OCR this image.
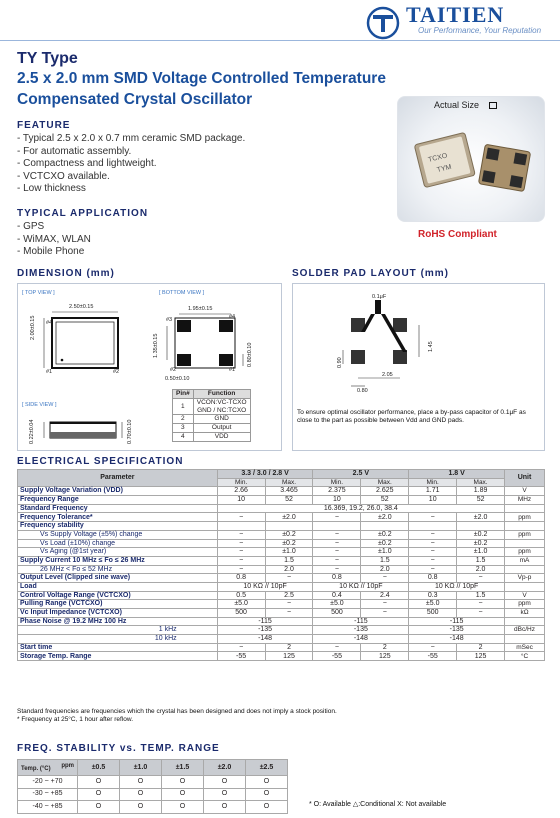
TAITIEN
Our Performance, Your Reputation
TY Type
2.5 x 2.0 mm SMD Voltage Controlled Temperature
Compensated Crystal Oscillator
FEATURE
- Typical 2.5 x 2.0 x 0.7 mm ceramic SMD package.
- For automatic assembly.
- Compactness and lightweight.
- VCTCXO available.
- Low thickness
TYPICAL APPLICATION
- GPS
- WiMAX, WLAN
- Mobile Phone
Actual Size
TCXO
TYM
RoHS Compliant
DIMENSION (mm)
[ TOP VIEW ]	[ BOTTOM VIEW ]
[ SIDE VIEW ]
2.50±0.15
2.00±0.15 #4
#1	#2
1.95±0.15
1.35±0.15	0.80±0.10
#3	#4
#2	#1
0.50±0.10
0.22±0.04	0.70±0.10
Pin#	Function
1	VCON:VC-TCXO
GND / NC:TCXO
2	GND
3	Output
4	VDD
SOLDER PAD LAYOUT (mm)
0.1μF
1.45
0.90
2.05
0.80
To ensure optimal oscillator performance, place a by-pass capacitor of 0.1μF as close to the part as possible between Vdd and GND pads.
ELECTRICAL SPECIFICATION
Parameter	3.3 / 3.0 / 2.8 V		2.5 V		1.8 V		Unit
	Min.	Max.	Min.	Max.	Min.	Max.	
Supply Voltage Variation (VDD)	2.66	3.465	2.375	2.625	1.71	1.89	V
Frequency Range	10	52	10	52	10	52	MHz
Standard Frequency	16.369, 19.2, 26.0, 38.4						
Frequency Tolerance*	−	±2.0	−	±2.0	−	±2.0	ppm
Frequency stability							
Vs Supply Voltage (±5%) change	−	±0.2	−	±0.2	−	±0.2	ppm
Vs Load (±10%) change	−	±0.2	−	±0.2	−	±0.2	
Vs Aging (@1st year)	−	±1.0	−	±1.0	−	±1.0	ppm
Supply Current 10 MHz ≤ Fo ≤ 26 MHz	−	1.5	−	1.5	−	1.5	mA
26 MHz < Fo ≤ 52 MHz	−	2.0	−	2.0	−	2.0	
Output Level (Clipped sine wave)	0.8	−	0.8	−	0.8	−	Vp-p
Load	10 KΩ // 10pF		10 KΩ // 10pF		10 KΩ // 10pF		
Control Voltage Range (VCTCXO)	0.5	2.5	0.4	2.4	0.3	1.5	V
Pulling Range (VCTCXO)	±5.0	−	±5.0	−	±5.0	−	ppm
Vc Input Impedance (VCTCXO)	500	−	500	−	500	−	kΩ
Phase Noise @ 19.2 MHz 100 Hz	-115		-115		-115		
1 kHz	-135		-135		-135		dBc/Hz
10 kHz	-148		-148		-148		
Start time	−	2	−	2	−	2	mSec
Storage Temp. Range	-55	125	-55	125	-55	125	°C
Standard frequencies are frequencies which the crystal has been designed and does not imply a stock position.
* Frequency at 25°C, 1 hour after reflow.
FREQ. STABILITY vs. TEMP. RANGE
ppm
Temp. (°C)	±0.5	±1.0	±1.5	±2.0	±2.5
-20 ~ +70	O	O	O	O	O
-30 ~ +85	O	O	O	O	O
-40 ~ +85	O	O	O	O	O	* O: Available △:Conditional X: Not available
